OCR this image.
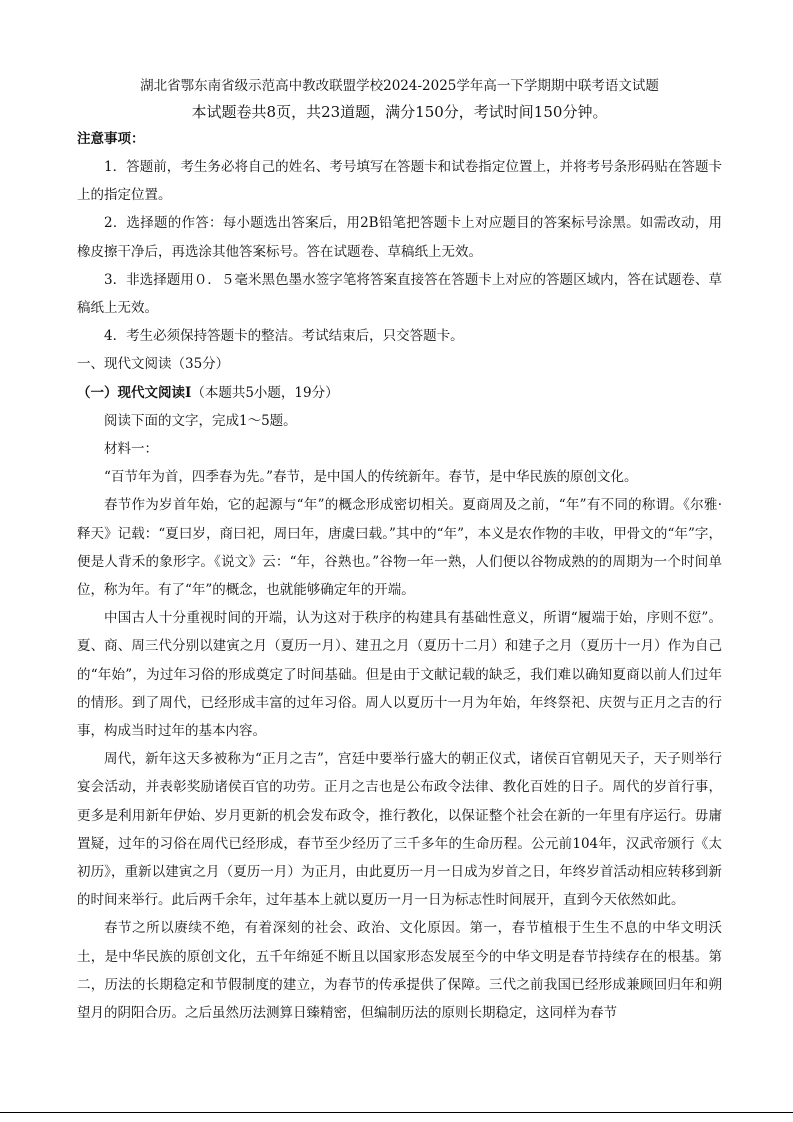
湖北省鄂东南省级示范高中教改联盟学校2024-2025学年高一下学期期中联考语文试题

本试题卷共8页，共23道题，满分150分，考试时间150分钟。

注意事项：

1．答题前，考生务必将自己的姓名、考号填写在答题卡和试卷指定位置上，并将考号条形码贴在答题卡上的指定位置。

2．选择题的作答：每小题选出答案后，用2B铅笔把答题卡上对应题目的答案标号涂黑。如需改动，用橡皮擦干净后，再选涂其他答案标号。答在试题卷、草稿纸上无效。

3．非选择题用０．５毫米黑色墨水签字笔将答案直接答在答题卡上对应的答题区域内，答在试题卷、草稿纸上无效。

4．考生必须保持答题卡的整洁。考试结束后，只交答题卡。

一、现代文阅读（35分）

（一）现代文阅读Ⅰ（本题共5小题，19分）

阅读下面的文字，完成1～5题。

材料一：

“百节年为首，四季春为先。”春节，是中国人的传统新年。春节，是中华民族的原创文化。

春节作为岁首年始，它的起源与“年”的概念形成密切相关。夏商周及之前，“年”有不同的称谓。《尔雅·释天》记载：“夏曰岁，商曰祀，周曰年，唐虞曰载。”其中的“年”，本义是农作物的丰收，甲骨文的“年”字，便是人背禾的象形字。《说文》云：“年，谷熟也。”谷物一年一熟，人们便以谷物成熟的的周期为一个时间单位，称为年。有了“年”的概念，也就能够确定年的开端。

中国古人十分重视时间的开端，认为这对于秩序的构建具有基础性意义，所谓“履端于始，序则不愆”。夏、商、周三代分别以建寅之月（夏历一月）、建丑之月（夏历十二月）和建子之月（夏历十一月）作为自己的“年始”，为过年习俗的形成奠定了时间基础。但是由于文献记载的缺乏，我们难以确知夏商以前人们过年的情形。到了周代，已经形成丰富的过年习俗。周人以夏历十一月为年始，年终祭祀、庆贺与正月之吉的行事，构成当时过年的基本内容。

周代，新年这天多被称为“正月之吉”，宫廷中要举行盛大的朝正仪式，诸侯百官朝见天子，天子则举行宴会活动，并表彰奖励诸侯百官的功劳。正月之吉也是公布政令法律、教化百姓的日子。周代的岁首行事，更多是利用新年伊始、岁月更新的机会发布政令，推行教化，以保证整个社会在新的一年里有序运行。毋庸置疑，过年的习俗在周代已经形成，春节至少经历了三千多年的生命历程。公元前104年，汉武帝颁行《太初历》，重新以建寅之月（夏历一月）为正月，由此夏历一月一日成为岁首之日，年终岁首活动相应转移到新的时间来举行。此后两千余年，过年基本上就以夏历一月一日为标志性时间展开，直到今天依然如此。

春节之所以赓续不绝，有着深刻的社会、政治、文化原因。第一，春节植根于生生不息的中华文明沃土，是中华民族的原创文化，五千年绵延不断且以国家形态发展至今的中华文明是春节持续存在的根基。第二，历法的长期稳定和节假制度的建立，为春节的传承提供了保障。三代之前我国已经形成兼顾回归年和朔望月的阴阳合历。之后虽然历法测算日臻精密，但编制历法的原则长期稳定，这同样为春节
